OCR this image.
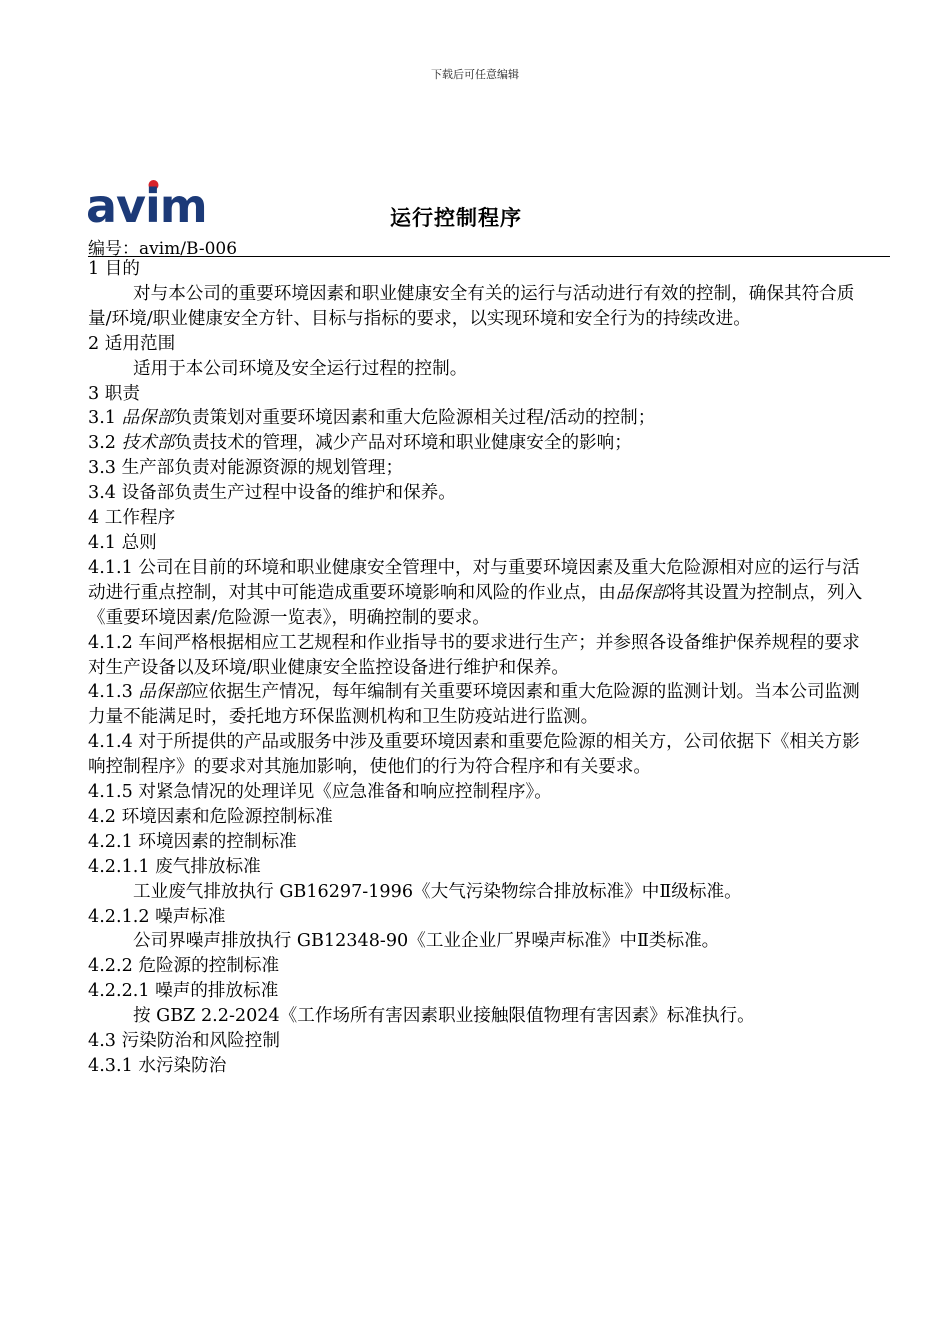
下载后可任意编辑
avim	运行控制程序
编号：avim/B-006

1 目的

对与本公司的重要环境因素和职业健康安全有关的运行与活动进行有效的控制，确保其符合质量/环境/职业健康安全方针、目标与指标的要求，以实现环境和安全行为的持续改进。

2 适用范围

适用于本公司环境及安全运行过程的控制。

3 职责

3.1 品保部负责策划对重要环境因素和重大危险源相关过程/活动的控制；

3.2 技术部负责技术的管理，减少产品对环境和职业健康安全的影响；

3.3 生产部负责对能源资源的规划管理；

3.4 设备部负责生产过程中设备的维护和保养。

4 工作程序

4.1 总则

4.1.1 公司在目前的环境和职业健康安全管理中，对与重要环境因素及重大危险源相对应的运行与活动进行重点控制，对其中可能造成重要环境影响和风险的作业点，由品保部将其设置为控制点，列入《重要环境因素/危险源一览表》，明确控制的要求。

4.1.2 车间严格根据相应工艺规程和作业指导书的要求进行生产；并参照各设备维护保养规程的要求对生产设备以及环境/职业健康安全监控设备进行维护和保养。

4.1.3 品保部应依据生产情况，每年编制有关重要环境因素和重大危险源的监测计划。当本公司监测力量不能满足时，委托地方环保监测机构和卫生防疫站进行监测。

4.1.4 对于所提供的产品或服务中涉及重要环境因素和重要危险源的相关方，公司依据下《相关方影响控制程序》的要求对其施加影响，使他们的行为符合程序和有关要求。

4.1.5 对紧急情况的处理详见《应急准备和响应控制程序》。

4.2 环境因素和危险源控制标准

4.2.1 环境因素的控制标准

4.2.1.1 废气排放标准

工业废气排放执行 GB16297-1996《大气污染物综合排放标准》中Ⅱ级标准。

4.2.1.2 噪声标准

公司界噪声排放执行 GB12348-90《工业企业厂界噪声标准》中Ⅱ类标准。

4.2.2 危险源的控制标准

4.2.2.1 噪声的排放标准

按 GBZ 2.2-2024《工作场所有害因素职业接触限值物理有害因素》标准执行。

4.3 污染防治和风险控制

4.3.1 水污染防治
